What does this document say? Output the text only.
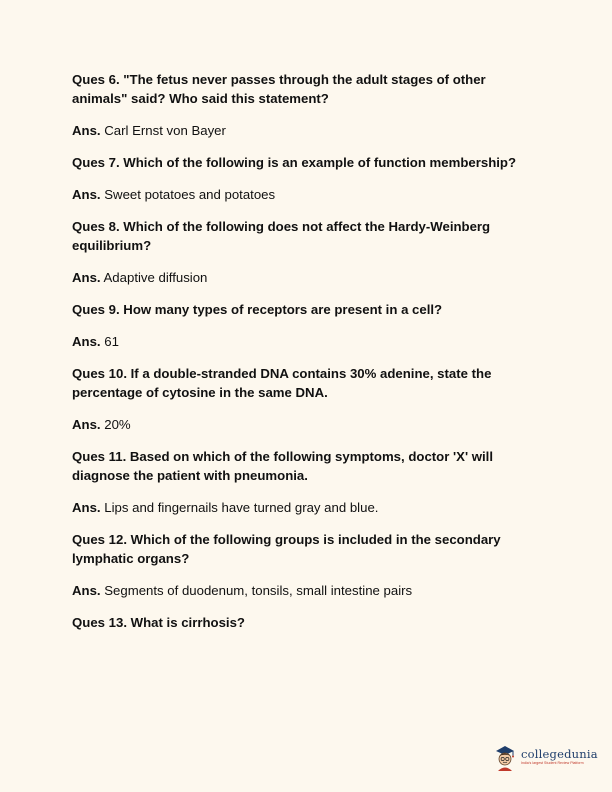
Ques 6. "The fetus never passes through the adult stages of other animals" said? Who said this statement?

Ans. Carl Ernst von Bayer

Ques 7. Which of the following is an example of function membership?

Ans. Sweet potatoes and potatoes

Ques 8. Which of the following does not affect the Hardy-Weinberg equilibrium?

Ans. Adaptive diffusion

Ques 9. How many types of receptors are present in a cell?

Ans. 61

Ques 10. If a double-stranded DNA contains 30% adenine, state the percentage of cytosine in the same DNA.

Ans. 20%

Ques 11. Based on which of the following symptoms, doctor 'X' will diagnose the patient with pneumonia.

Ans. Lips and fingernails have turned gray and blue.

Ques 12. Which of the following groups is included in the secondary lymphatic organs?

Ans. Segments of duodenum, tonsils, small intestine pairs

Ques 13. What is cirrhosis?

collegedunia
India's largest Student Review Platform
